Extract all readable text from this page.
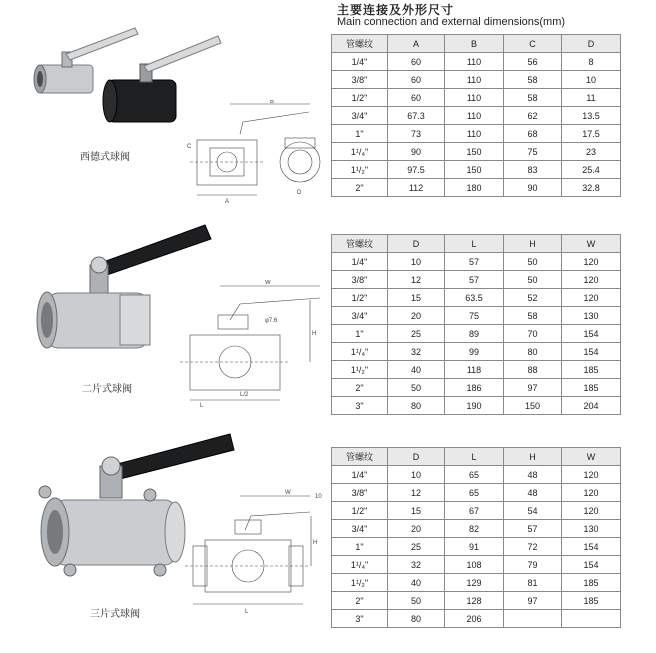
主要连接及外形尺寸
Main connection and external dimensions(mm)
西德式球阀
B
A
C
D
管螺纹	A	B	C	D
1/4"	60	110	56	8
3/8"	60	110	58	10
1/2"	60	110	58	11
3/4"	67.3	110	62	13.5
1"	73	110	68	17.5
1¹/₄"	90	150	75	23
1¹/₂"	97.5	150	83	25.4
2"	112	180	90	32.8
二片式球阀
W
φ7.6
H
L
L/2
管螺纹	D	L	H	W
1/4"	10	57	50	120
3/8"	12	57	50	120
1/2"	15	63.5	52	120
3/4"	20	75	58	130
1"	25	89	70	154
1¹/₄"	32	99	80	154
1¹/₂"	40	118	88	185
2"	50	186	97	185
3"	80	190	150	204
三片式球阀
W
10
H
L
管螺纹	D	L	H	W
1/4"	10	65	48	120
3/8"	12	65	48	120
1/2"	15	67	54	120
3/4"	20	82	57	130
1"	25	91	72	154
1¹/₄"	32	108	79	154
1¹/₂"	40	129	81	185
2"	50	128	97	185
3"	80	206		
